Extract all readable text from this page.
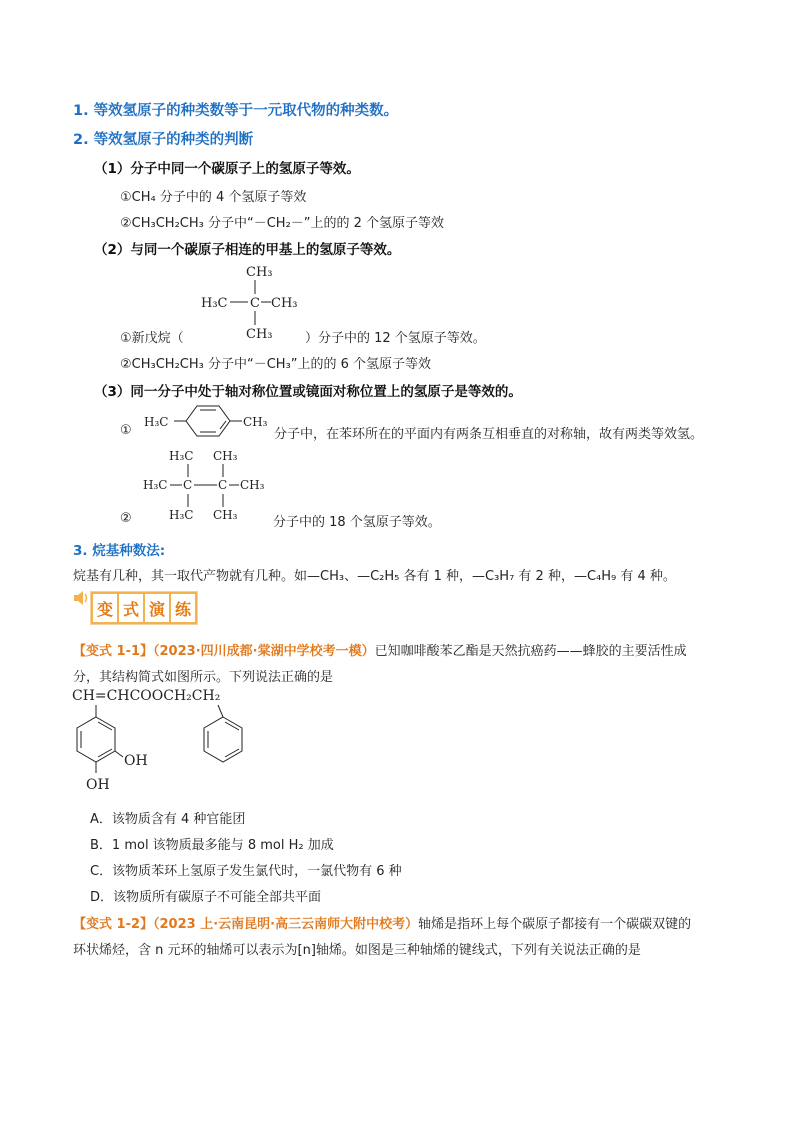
1. 等效氢原子的种类数等于一元取代物的种类数。
2. 等效氢原子的种类的判断
（1）分子中同一个碳原子上的氢原子等效。
①CH₄ 分子中的 4 个氢原子等效
②CH₃CH₂CH₃ 分子中“－CH₂－”上的的 2 个氢原子等效
（2）与同一个碳原子相连的甲基上的氢原子等效。
CH₃
H₃C C CH₃
CH₃
①新戊烷（	）分子中的 12 个氢原子等效。
②CH₃CH₂CH₃ 分子中“－CH₃”上的的 6 个氢原子等效
（3）同一分子中处于轴对称位置或镜面对称位置上的氢原子是等效的。
①
H₃C	CH₃
分子中，在苯环所在的平面内有两条互相垂直的对称轴，故有两类等效氢。
H₃C CH₃
H₃C C C CH₃
H₃C CH₃
②	分子中的 18 个氢原子等效。
3. 烷基种数法:
烷基有几种，其一取代产物就有几种。如—CH₃、—C₂H₅ 各有 1 种，—C₃H₇ 有 2 种，—C₄H₉ 有 4 种。
变 式 演 练
【变式 1-1】（2023·四川成都·棠湖中学校考一模）已知咖啡酸苯乙酯是天然抗癌药——蜂胶的主要活性成
分，其结构简式如图所示。下列说法正确的是
CH=CHCOOCH₂CH₂
OH
OH
A．该物质含有 4 种官能团
B．1 mol 该物质最多能与 8 mol H₂ 加成
C．该物质苯环上氢原子发生氯代时，一氯代物有 6 种
D．该物质所有碳原子不可能全部共平面
【变式 1-2】（2023 上·云南昆明·高三云南师大附中校考）轴烯是指环上每个碳原子都接有一个碳碳双键的
环状烯烃，含 n 元环的轴烯可以表示为[n]轴烯。如图是三种轴烯的键线式，下列有关说法正确的是
